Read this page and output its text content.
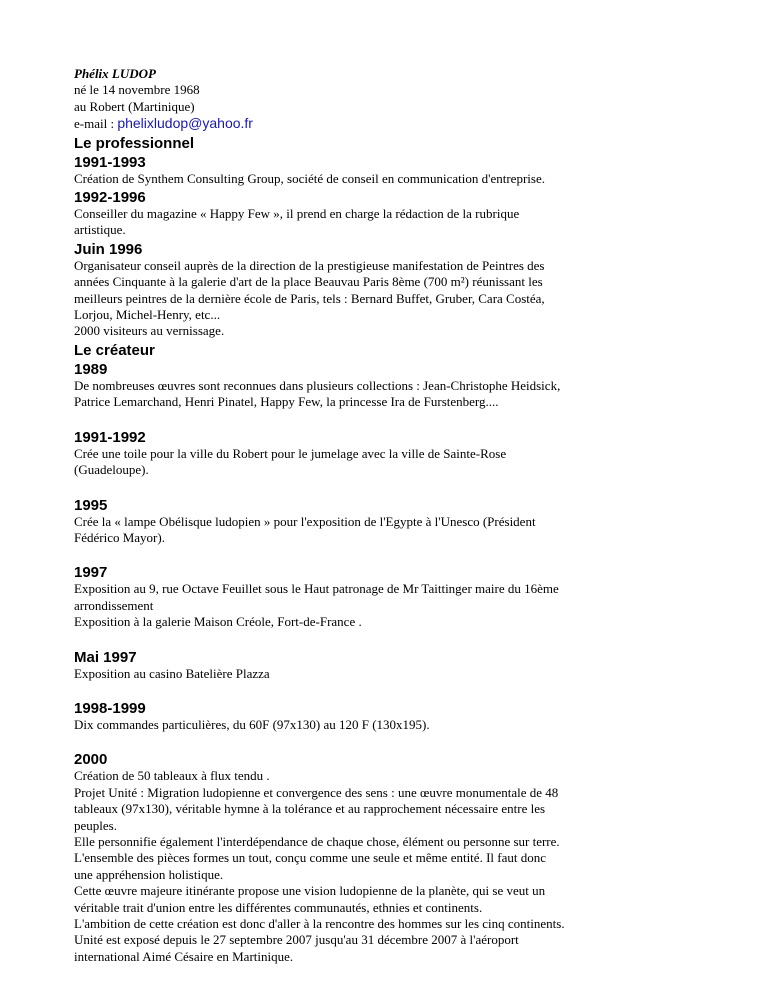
Phélix LUDOP
né le 14 novembre 1968
au Robert (Martinique)
e-mail : phelixludop@yahoo.fr
Le professionnel
1991-1993
Création de Synthem Consulting Group, société de conseil en communication d'entreprise.
1992-1996
Conseiller du magazine « Happy Few », il prend en charge la rédaction de la rubrique
artistique.
Juin 1996
Organisateur conseil auprès de la direction de la prestigieuse manifestation de Peintres des
années Cinquante à la galerie d'art de la place Beauvau Paris 8ème (700 m²) réunissant les
meilleurs peintres de la dernière école de Paris, tels : Bernard Buffet, Gruber, Cara Costéa,
Lorjou, Michel-Henry, etc...
2000 visiteurs au vernissage.
Le créateur
1989
De nombreuses œuvres sont reconnues dans plusieurs collections : Jean-Christophe Heidsick,
Patrice Lemarchand, Henri Pinatel, Happy Few, la princesse Ira de Furstenberg....
1991-1992
Crée une toile pour la ville du Robert pour le jumelage avec la ville de Sainte-Rose
(Guadeloupe).
1995
Crée la « lampe Obélisque ludopien » pour l'exposition de l'Egypte à l'Unesco (Président
Fédérico Mayor).
1997
Exposition au 9, rue Octave Feuillet sous le Haut patronage de Mr Taittinger maire du 16ème
arrondissement
Exposition à la galerie Maison Créole, Fort-de-France .
Mai 1997
Exposition au casino Batelière Plazza
1998-1999
Dix commandes particulières, du 60F (97x130) au 120 F (130x195).
2000
Création de 50 tableaux à flux tendu .
Projet Unité : Migration ludopienne et convergence des sens : une œuvre monumentale de 48
tableaux (97x130), véritable hymne à la tolérance et au rapprochement nécessaire entre les
peuples.
Elle personnifie également l'interdépendance de chaque chose, élément ou personne sur terre.
L'ensemble des pièces formes un tout, conçu comme une seule et même entité. Il faut donc
une appréhension holistique.
Cette œuvre majeure itinérante propose une vision ludopienne de la planète, qui se veut un
véritable trait d'union entre les différentes communautés, ethnies et continents.
L'ambition de cette création est donc d'aller à la rencontre des hommes sur les cinq continents.
Unité est exposé depuis le 27 septembre 2007 jusqu'au 31 décembre 2007 à l'aéroport
international Aimé Césaire en Martinique.
